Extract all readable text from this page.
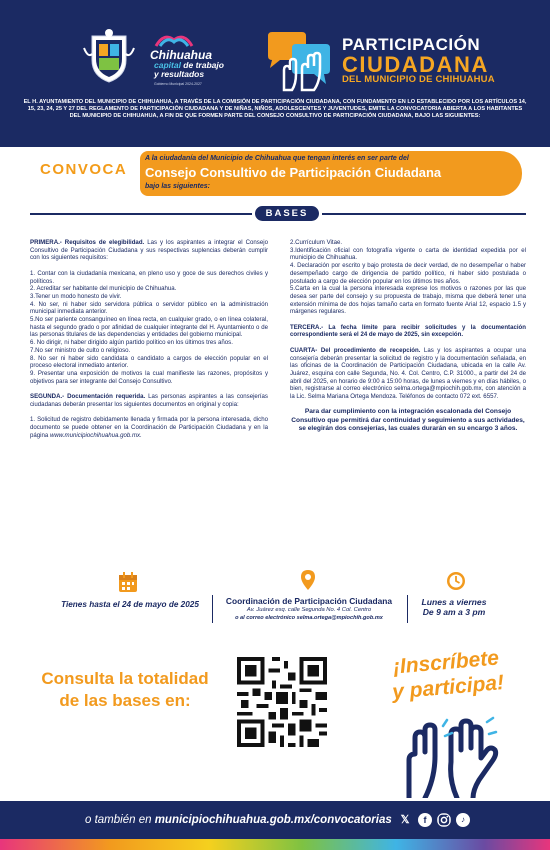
Chihuahua
capital de trabajo
y resultados
Gobierno Municipal 2024-2027
PARTICIPACIÓN
CIUDADANA
DEL MUNICIPIO DE CHIHUAHUA
EL H. AYUNTAMIENTO DEL MUNICIPIO DE CHIHUAHUA, A TRAVÉS DE LA COMISIÓN DE PARTICIPACIÓN CIUDADANA, CON FUNDAMENTO EN LO ESTABLECIDO POR LOS ARTÍCULOS 14, 15, 23, 24, 25 Y 27 DEL REGLAMENTO DE PARTICIPACIÓN CIUDADANA Y DE NIÑAS, NIÑOS, ADOLESCENTES Y JUVENTUDES, EMITE LA CONVOCATORIA ABIERTA A LOS HABITANTES DEL MUNICIPIO DE CHIHUAHUA, A FIN DE QUE FORMEN PARTE DEL CONSEJO CONSULTIVO DE PARTICIPACIÓN CIUDADANA, BAJO LAS SIGUIENTES:
CONVOCA
A la ciudadanía del Municipio de Chihuahua que tengan interés en ser parte del
Consejo Consultivo de Participación Ciudadana
bajo las siguientes:
BASES

PRIMERA.- Requisitos de elegibilidad. Las y los aspirantes a integrar el Consejo Consultivo de Participación Ciudadana y sus respectivas suplencias deberán cumplir con los siguientes requisitos:

1. Contar con la ciudadanía mexicana, en pleno uso y goce de sus derechos civiles y políticos.

2. Acreditar ser habitante del municipio de Chihuahua.

3.Tener un modo honesto de vivir.

4. No ser, ni haber sido servidora pública o servidor público en la administración municipal inmediata anterior.

5.No ser pariente consanguíneo en línea recta, en cualquier grado, o en línea colateral, hasta el segundo grado o por afinidad de cualquier integrante del H. Ayuntamiento o de las personas titulares de las dependencias y entidades del gobierno municipal.

6. No dirigir, ni haber dirigido algún partido político en los últimos tres años.

7.No ser ministro de culto o religioso.

8. No ser ni haber sido candidata o candidato a cargos de elección popular en el proceso electoral inmediato anterior.

9. Presentar una exposición de motivos la cual manifieste las razones, propósitos y objetivos para ser integrante del Consejo Consultivo.

SEGUNDA.- Documentación requerida. Las personas aspirantes a las consejerías ciudadanas deberán presentar los siguientes documentos en original y copia:

1. Solicitud de registro debidamente llenada y firmada por la persona interesada, dicho documento se puede obtener en la Coordinación de Participación Ciudadana y en la página www.municipiochihuahua.gob.mx.

2.Currículum Vitae.

3.Identificación oficial con fotografía vigente o carta de identidad expedida por el municipio de Chihuahua.

4. Declaración por escrito y bajo protesta de decir verdad, de no desempeñar o haber desempeñado cargo de dirigencia de partido político, ni haber sido postulada o postulado a cargo de elección popular en los últimos tres años.

5.Carta en la cual la persona interesada exprese los motivos o razones por las que desea ser parte del consejo y su propuesta de trabajo, misma que deberá tener una extensión mínima de dos hojas tamaño carta en formato fuente Arial 12, espacio 1.5 y márgenes regulares.

TERCERA.- La fecha límite para recibir solicitudes y la documentación correspondiente será el 24 de mayo de 2025, sin excepción.

CUARTA- Del procedimiento de recepción. Las y los aspirantes a ocupar una consejería deberán presentar la solicitud de registro y la documentación señalada, en las oficinas de la Coordinación de Participación Ciudadana, ubicada en la calle Av. Juárez, esquina con calle Segunda, No. 4. Col. Centro, C.P. 31000., a partir del 24 de abril del 2025, en horario de 9:00 a 15:00 horas, de lunes a viernes y en días hábiles, o bien, registrarse al correo electrónico selma.ortega@mpiochih.gob.mx, con atención a la Lic. Selma Mariana Ortega Mendoza. Teléfonos de contacto 072 ext. 6557.

Para dar cumplimiento con la integración escalonada del Consejo Consultivo que permitirá dar continuidad y seguimiento a sus actividades, se elegirán dos consejerías, las cuales durarán en su encargo 3 años.

Tienes hasta el 24 de mayo de 2025	Coordinación de Participación Ciudadana
Av. Juárez esq. calle Segunda No. 4 Col. Centro
o al correo electrónico selma.ortega@mpiochih.gob.mx
Lunes a viernes
De 9 am a 3 pm
Consulta la totalidad de las bases en:
¡Inscríbete
y participa!
o también en municipiochihuahua.gob.mx/convocatorias 𝕏	f	♪
